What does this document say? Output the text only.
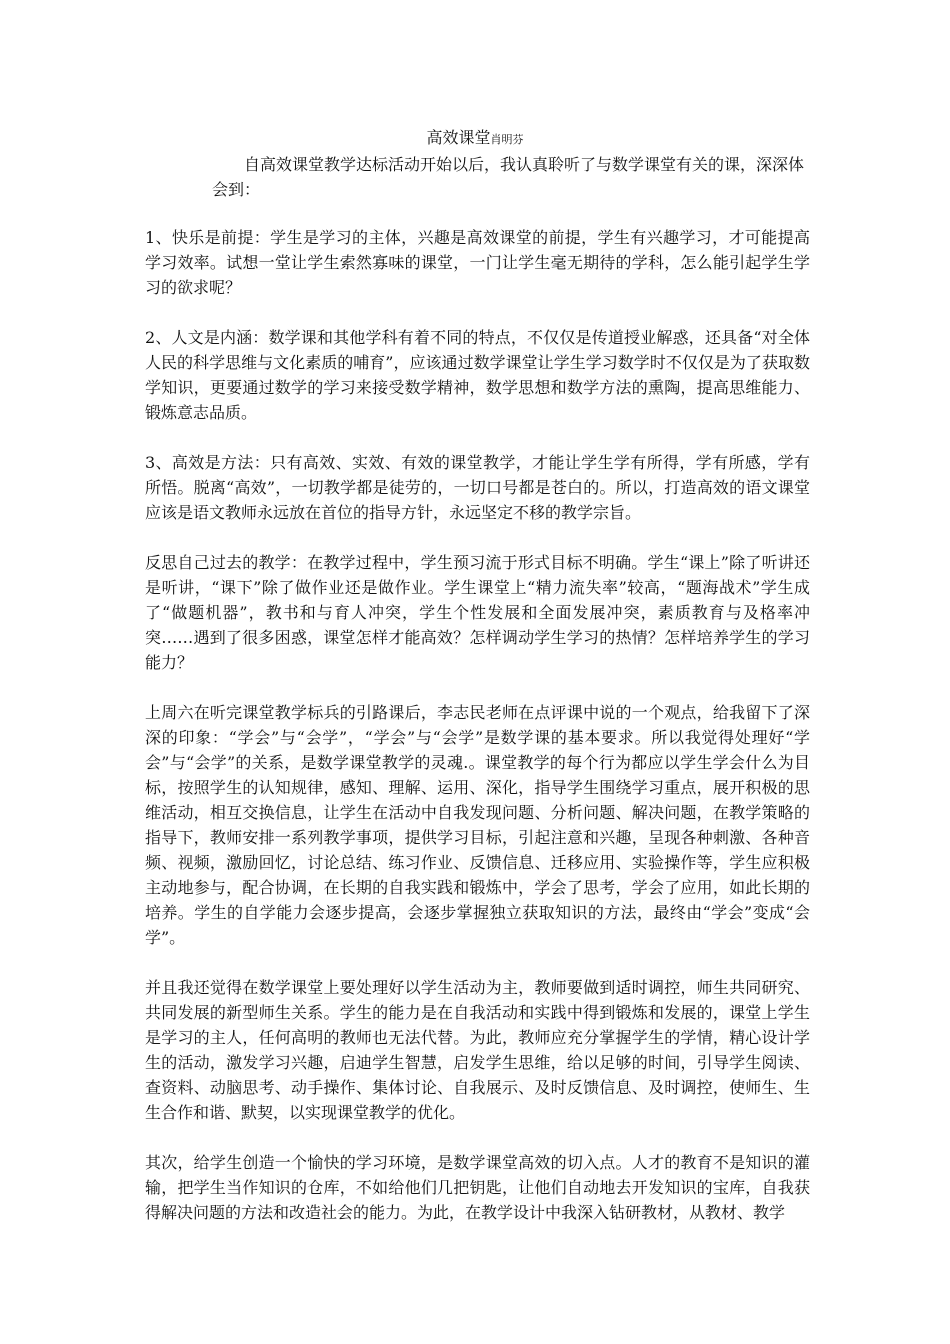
高效课堂肖明芬

自高效课堂教学达标活动开始以后，我认真聆听了与数学课堂有关的课，深深体会到：

1、快乐是前提：学生是学习的主体，兴趣是高效课堂的前提，学生有兴趣学习，才可能提高学习效率。试想一堂让学生索然寡味的课堂，一门让学生毫无期待的学科，怎么能引起学生学习的欲求呢？

2、人文是内涵：数学课和其他学科有着不同的特点，不仅仅是传道授业解惑，还具备“对全体人民的科学思维与文化素质的哺育”，应该通过数学课堂让学生学习数学时不仅仅是为了获取数学知识，更要通过数学的学习来接受数学精神，数学思想和数学方法的熏陶，提高思维能力、锻炼意志品质。

3、高效是方法：只有高效、实效、有效的课堂教学，才能让学生学有所得，学有所感，学有所悟。脱离“高效”，一切教学都是徒劳的，一切口号都是苍白的。所以，打造高效的语文课堂应该是语文教师永远放在首位的指导方针，永远坚定不移的教学宗旨。

反思自己过去的教学：在教学过程中，学生预习流于形式目标不明确。学生“课上”除了听讲还是听讲，“课下”除了做作业还是做作业。学生课堂上“精力流失率”较高，“题海战术”学生成了“做题机器”，教书和与育人冲突，学生个性发展和全面发展冲突，素质教育与及格率冲突……遇到了很多困惑，课堂怎样才能高效？怎样调动学生学习的热情？怎样培养学生的学习能力？

上周六在听完课堂教学标兵的引路课后，李志民老师在点评课中说的一个观点，给我留下了深深的印象：“学会”与“会学”，“学会”与“会学”是数学课的基本要求。所以我觉得处理好“学会”与“会学”的关系，是数学课堂教学的灵魂.。课堂教学的每个行为都应以学生学会什么为目标，按照学生的认知规律，感知、理解、运用、深化，指导学生围绕学习重点，展开积极的思维活动，相互交换信息，让学生在活动中自我发现问题、分析问题、解决问题，在教学策略的指导下，教师安排一系列教学事项，提供学习目标，引起注意和兴趣，呈现各种刺激、各种音频、视频，激励回忆，讨论总结、练习作业、反馈信息、迁移应用、实验操作等，学生应积极主动地参与，配合协调，在长期的自我实践和锻炼中，学会了思考，学会了应用，如此长期的培养。学生的自学能力会逐步提高，会逐步掌握独立获取知识的方法，最终由“学会”变成“会学”。

并且我还觉得在数学课堂上要处理好以学生活动为主，教师要做到适时调控，师生共同研究、共同发展的新型师生关系。学生的能力是在自我活动和实践中得到锻炼和发展的，课堂上学生是学习的主人，任何高明的教师也无法代替。为此，教师应充分掌握学生的学情，精心设计学生的活动，激发学习兴趣，启迪学生智慧，启发学生思维，给以足够的时间，引导学生阅读、查资料、动脑思考、动手操作、集体讨论、自我展示、及时反馈信息、及时调控，使师生、生生合作和谐、默契，以实现课堂教学的优化。

其次，给学生创造一个愉快的学习环境，是数学课堂高效的切入点。人才的教育不是知识的灌输，把学生当作知识的仓库，不如给他们几把钥匙，让他们自动地去开发知识的宝库，自我获得解决问题的方法和改造社会的能力。为此，在教学设计中我深入钻研教材，从教材、教学
